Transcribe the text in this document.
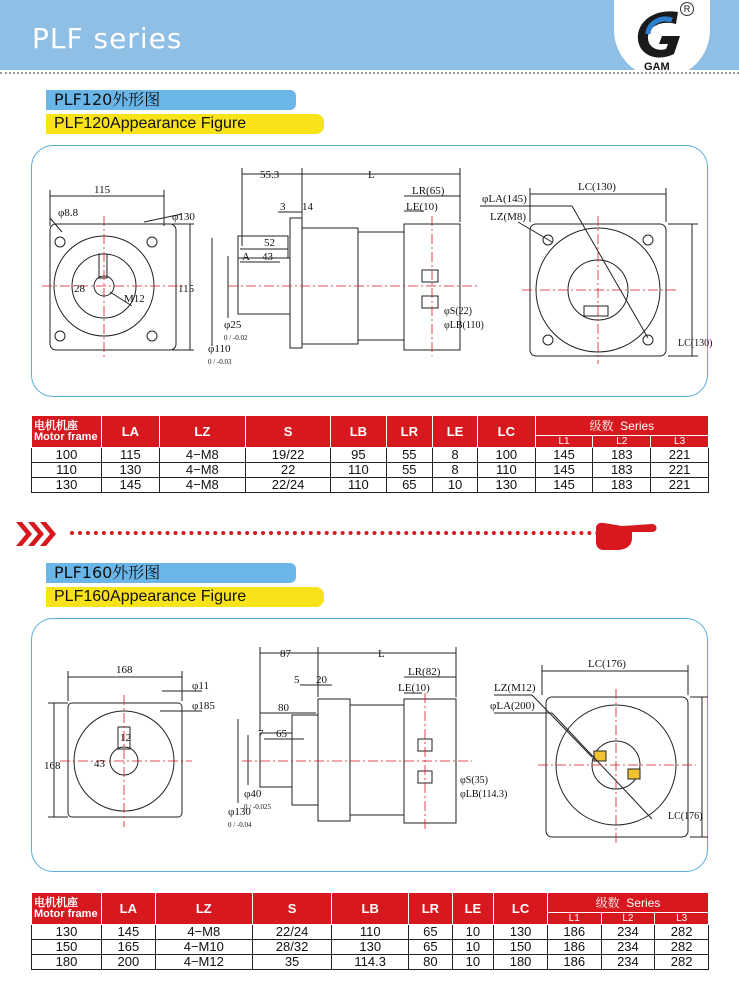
PLF series
GAM
R
PLF120外形图
PLF120Appearance Figure
115
φ8.8	φ130
28
M12
115
55.3	L
LR(65)
LE(10)
3 14
52
43
A
φ110
0 / -0.03
φ25
0 / -0.02
φS(22)
φLB(110)
φLA(145)
LZ(M8)
LC(130)
LC(130)
电机机座
Motor frame	LA	LZ	S	LB	LR	LE	LC	级数 Series		
								L1	L2	L3
100	115	4−M8	19/22	95	55	8	100	145	183	221
110	130	4−M8	22	110	55	8	110	145	183	221
130	145	4−M8	22/24	110	65	10	130	145	183	221
PLF160外形图
PLF160Appearance Figure
168
φ11
φ185
12
43
168
87	L
LR(82)
LE(10)
5 20
80
65
7
φ130
0 / -0.04
φ40
0 / -0.025
φS(35)
φLB(114.3)
LZ(M12)
φLA(200)
LC(176)
LC(176)
电机机座
Motor frame	LA	LZ	S	LB	LR	LE	LC	级数 Series		
								L1	L2	L3
130	145	4−M8	22/24	110	65	10	130	186	234	282
150	165	4−M10	28/32	130	65	10	150	186	234	282
180	200	4−M12	35	114.3	80	10	180	186	234	282
